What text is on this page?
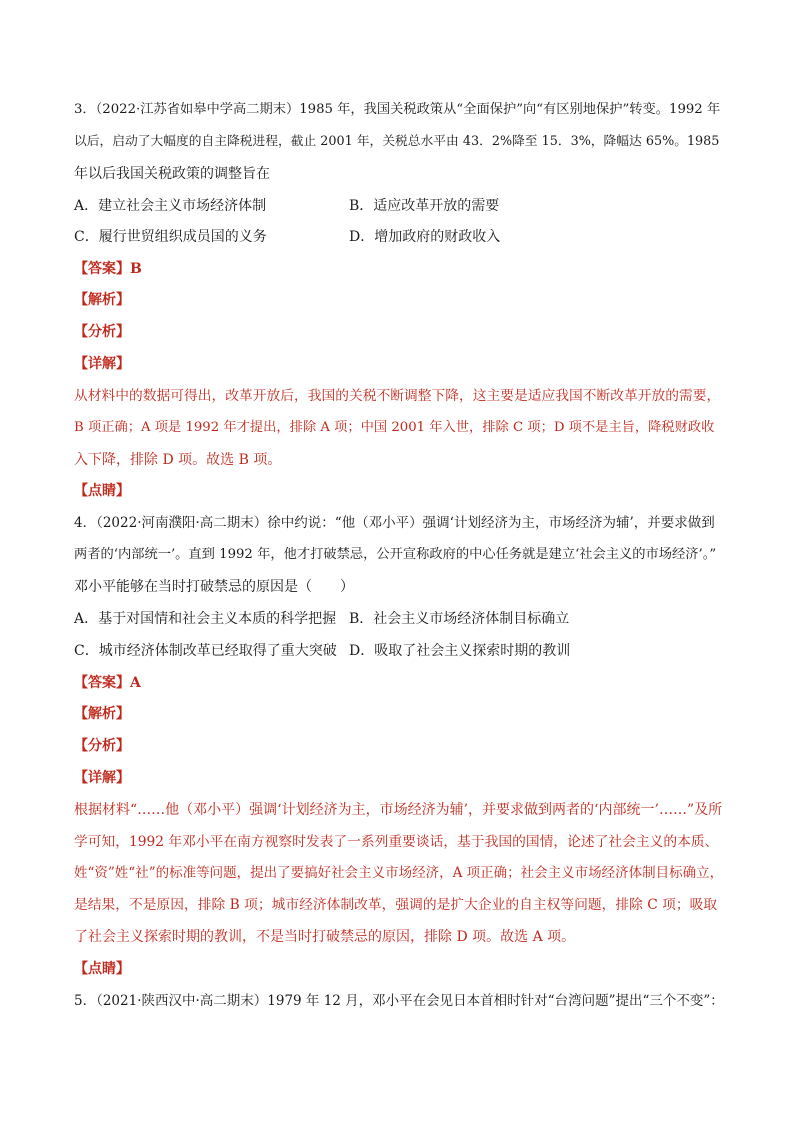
3．（2022·江苏省如皋中学高二期末）1985 年，我国关税政策从“全面保护”向“有区别地保护”转变。1992 年
以后，启动了大幅度的自主降税进程，截止 2001 年，关税总水平由 43．2%降至 15．3%，降幅达 65%。1985
年以后我国关税政策的调整旨在
A．建立社会主义市场经济体制	B．适应改革开放的需要
C．履行世贸组织成员国的义务	D．增加政府的财政收入
【答案】B
【解析】
【分析】
【详解】
从材料中的数据可得出，改革开放后，我国的关税不断调整下降，这主要是适应我国不断改革开放的需要，
B 项正确；A 项是 1992 年才提出，排除 A 项；中国 2001 年入世，排除 C 项；D 项不是主旨，降税财政收
入下降，排除 D 项。故选 B 项。
【点睛】
4．（2022·河南濮阳·高二期末）徐中约说：“他（邓小平）强调‘计划经济为主，市场经济为辅’，并要求做到
两者的‘内部统一’。直到 1992 年，他才打破禁忌，公开宣称政府的中心任务就是建立‘社会主义的市场经济’。”
邓小平能够在当时打破禁忌的原因是（　　）
A．基于对国情和社会主义本质的科学把握 B．社会主义市场经济体制目标确立
C．城市经济体制改革已经取得了重大突破 D．吸取了社会主义探索时期的教训
【答案】A
【解析】
【分析】
【详解】
根据材料“……他（邓小平）强调‘计划经济为主，市场经济为辅’，并要求做到两者的‘内部统一’……”及所
学可知，1992 年邓小平在南方视察时发表了一系列重要谈话，基于我国的国情，论述了社会主义的本质、
姓“资”姓“社”的标准等问题，提出了要搞好社会主义市场经济，A 项正确；社会主义市场经济体制目标确立，
是结果，不是原因，排除 B 项；城市经济体制改革，强调的是扩大企业的自主权等问题，排除 C 项；吸取
了社会主义探索时期的教训，不是当时打破禁忌的原因，排除 D 项。故选 A 项。
【点睛】
5．（2021·陕西汉中·高二期末）1979 年 12 月，邓小平在会见日本首相时针对“台湾问题”提出“三个不变”：
